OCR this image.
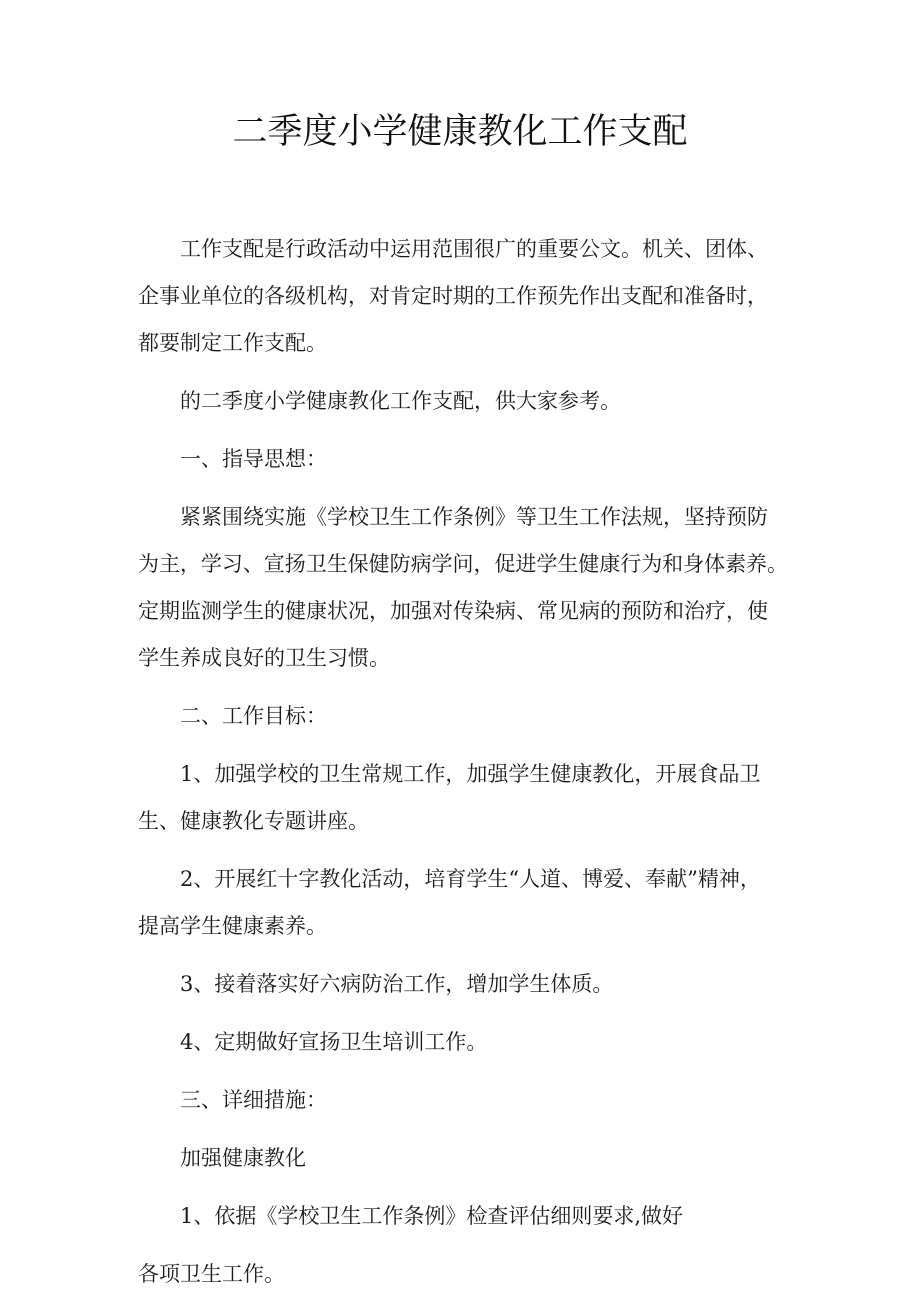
二季度小学健康教化工作支配
工作支配是行政活动中运用范围很广的重要公文。机关、团体、
企事业单位的各级机构，对肯定时期的工作预先作出支配和准备时，
都要制定工作支配。
的二季度小学健康教化工作支配，供大家参考。
一、指导思想：
紧紧围绕实施《学校卫生工作条例》等卫生工作法规，坚持预防
为主，学习、宣扬卫生保健防病学问，促进学生健康行为和身体素养。
定期监测学生的健康状况，加强对传染病、常见病的预防和治疗，使
学生养成良好的卫生习惯。
二、工作目标：
1、加强学校的卫生常规工作，加强学生健康教化，开展食品卫
生、健康教化专题讲座。
2、开展红十字教化活动，培育学生“人道、博爱、奉献”精神，
提高学生健康素养。
3、接着落实好六病防治工作，增加学生体质。
4、定期做好宣扬卫生培训工作。
三、详细措施：
加强健康教化
1、依据《学校卫生工作条例》检查评估细则要求,做好
各项卫生工作。
